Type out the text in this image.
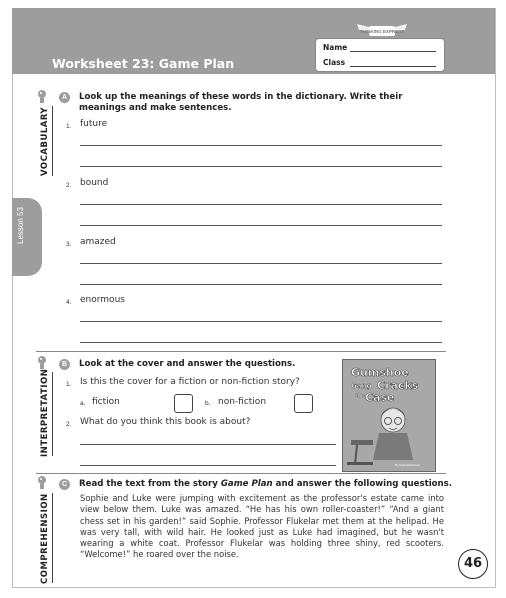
THINKING EXPRESS
Worksheet 23: Game Plan
Name
Class
Lesson 53
A
VOCABULARY
Look up the meanings of these words in the dictionary. Write their meanings and make sentences.
1. future
2. bound
3. amazed
4. enormous
B
INTERPRETATION
Look at the cover and answer the questions.
1. Is this the cover for a fiction or non-fiction story?
a. fiction	b. non-fiction
2. What do you think this book is about?
Gumshoe
Gang Cracks
the Case
By Kate Robertson
C
COMPREHENSION
Read the text from the story Game Plan and answer the following questions.
Sophie and Luke were jumping with excitement as the professor's estate came into view below them. Luke was amazed. “He has his own roller-coaster!” “And a giant chess set in his garden!” said Sophie. Professor Flukelar met them at the helipad. He was very tall, with wild hair. He looked just as Luke had imagined, but he wasn't wearing a white coat. Professor Flukelar was holding three shiny, red scooters. “Welcome!” he roared over the noise.
46
